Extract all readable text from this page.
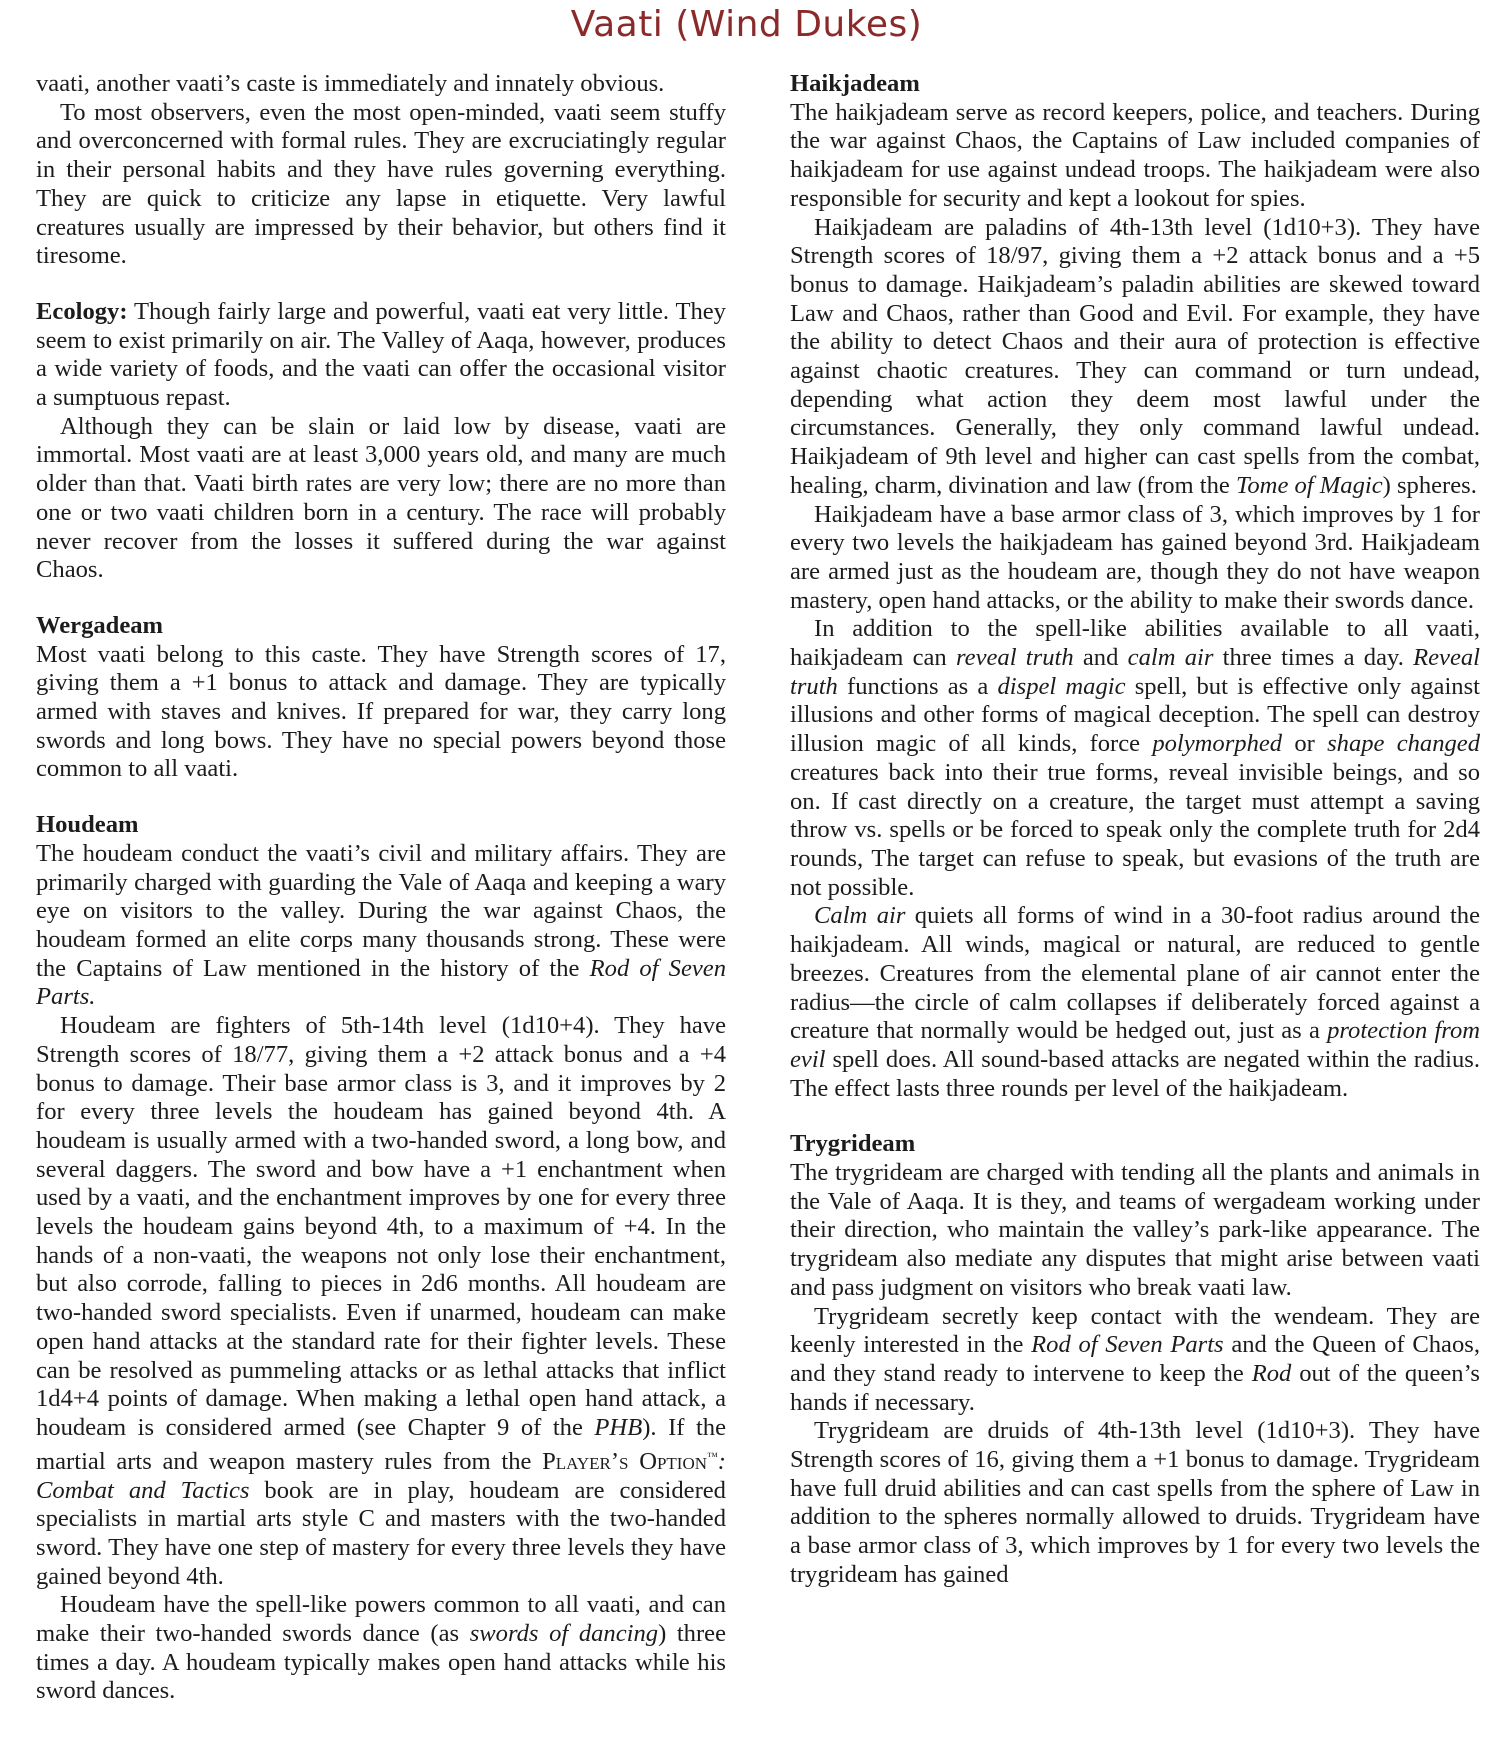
Vaati (Wind Dukes)

vaati, another vaati’s caste is immediately and innately obvious.

To most observers, even the most open-minded, vaati seem stuffy and overconcerned with formal rules. They are excruciatingly regular in their personal habits and they have rules governing everything. They are quick to criticize any lapse in etiquette. Very lawful creatures usually are impressed by their behavior, but others find it tiresome.

Ecology: Though fairly large and powerful, vaati eat very little. They seem to exist primarily on air. The Valley of Aaqa, however, produces a wide variety of foods, and the vaati can offer the occasional visitor a sumptuous repast.

Although they can be slain or laid low by disease, vaati are immortal. Most vaati are at least 3,000 years old, and many are much older than that. Vaati birth rates are very low; there are no more than one or two vaati children born in a century. The race will probably never recover from the losses it suffered during the war against Chaos.

Wergadeam

Most vaati belong to this caste. They have Strength scores of 17, giving them a +1 bonus to attack and damage. They are typically armed with staves and knives. If prepared for war, they carry long swords and long bows. They have no special powers beyond those common to all vaati.

Houdeam

The houdeam conduct the vaati’s civil and military affairs. They are primarily charged with guarding the Vale of Aaqa and keeping a wary eye on visitors to the valley. During the war against Chaos, the houdeam formed an elite corps many thousands strong. These were the Captains of Law mentioned in the history of the Rod of Seven Parts.

Houdeam are fighters of 5th-14th level (1d10+4). They have Strength scores of 18/77, giving them a +2 attack bonus and a +4 bonus to damage. Their base armor class is 3, and it improves by 2 for every three levels the houdeam has gained beyond 4th. A houdeam is usually armed with a two-handed sword, a long bow, and several daggers. The sword and bow have a +1 enchantment when used by a vaati, and the enchantment improves by one for every three levels the houdeam gains beyond 4th, to a maximum of +4. In the hands of a non-vaati, the weapons not only lose their enchantment, but also corrode, falling to pieces in 2d6 months. All houdeam are two-handed sword specialists. Even if unarmed, houdeam can make open hand attacks at the standard rate for their fighter levels. These can be resolved as pummeling attacks or as lethal attacks that inflict 1d4+4 points of damage. When making a lethal open hand attack, a houdeam is considered armed (see Chapter 9 of the PHB). If the martial arts and weapon mastery rules from the Player’s Option™: Combat and Tactics book are in play, houdeam are considered specialists in martial arts style C and masters with the two-handed sword. They have one step of mastery for every three levels they have gained beyond 4th.

Houdeam have the spell-like powers common to all vaati, and can make their two-handed swords dance (as swords of dancing) three times a day. A houdeam typically makes open hand attacks while his sword dances.

Haikjadeam

The haikjadeam serve as record keepers, police, and teachers. During the war against Chaos, the Captains of Law included companies of haikjadeam for use against undead troops. The haikjadeam were also responsible for security and kept a lookout for spies.

Haikjadeam are paladins of 4th-13th level (1d10+3). They have Strength scores of 18/97, giving them a +2 attack bonus and a +5 bonus to damage. Haikjadeam’s paladin abilities are skewed toward Law and Chaos, rather than Good and Evil. For example, they have the ability to detect Chaos and their aura of protection is effective against chaotic creatures. They can command or turn undead, depending what action they deem most lawful under the circumstances. Generally, they only command lawful undead. Haikjadeam of 9th level and higher can cast spells from the combat, healing, charm, divination and law (from the Tome of Magic) spheres.

Haikjadeam have a base armor class of 3, which improves by 1 for every two levels the haikjadeam has gained beyond 3rd. Haikjadeam are armed just as the houdeam are, though they do not have weapon mastery, open hand attacks, or the ability to make their swords dance.

In addition to the spell-like abilities available to all vaati, haikjadeam can reveal truth and calm air three times a day. Reveal truth functions as a dispel magic spell, but is effective only against illusions and other forms of magical deception. The spell can destroy illusion magic of all kinds, force polymorphed or shape changed creatures back into their true forms, reveal invisible beings, and so on. If cast directly on a creature, the target must attempt a saving throw vs. spells or be forced to speak only the complete truth for 2d4 rounds, The target can refuse to speak, but evasions of the truth are not possible.

Calm air quiets all forms of wind in a 30-foot radius around the haikjadeam. All winds, magical or natural, are reduced to gentle breezes. Creatures from the elemental plane of air cannot enter the radius—the circle of calm collapses if deliberately forced against a creature that normally would be hedged out, just as a protection from evil spell does. All sound-based attacks are negated within the radius. The effect lasts three rounds per level of the haikjadeam.

Trygrideam

The trygrideam are charged with tending all the plants and animals in the Vale of Aaqa. It is they, and teams of wergadeam working under their direction, who maintain the valley’s park-like appearance. The trygrideam also mediate any disputes that might arise between vaati and pass judgment on visitors who break vaati law.

Trygrideam secretly keep contact with the wendeam. They are keenly interested in the Rod of Seven Parts and the Queen of Chaos, and they stand ready to intervene to keep the Rod out of the queen’s hands if necessary.

Trygrideam are druids of 4th-13th level (1d10+3). They have Strength scores of 16, giving them a +1 bonus to damage. Trygrideam have full druid abilities and can cast spells from the sphere of Law in addition to the spheres normally allowed to druids. Trygrideam have a base armor class of 3, which improves by 1 for every two levels the trygrideam has gained
